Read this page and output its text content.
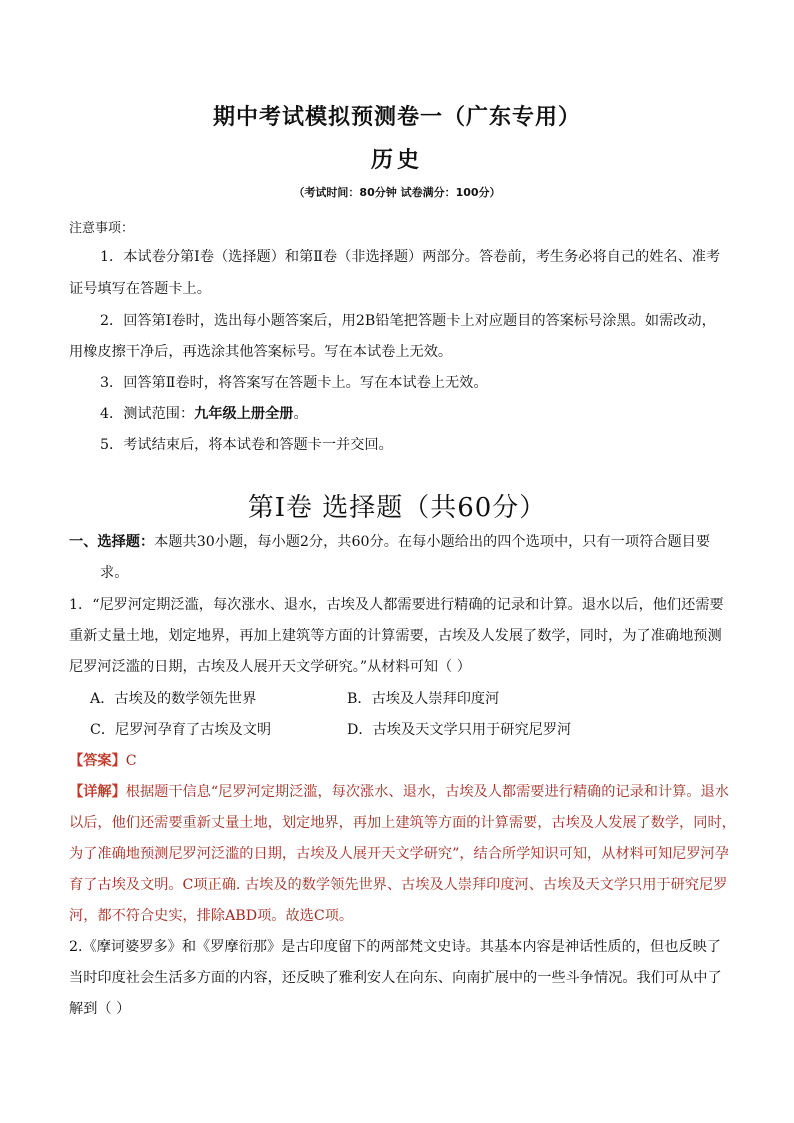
期中考试模拟预测卷一（广东专用）
历史
（考试时间：80分钟 试卷满分：100分）
注意事项：
1．本试卷分第Ⅰ卷（选择题）和第Ⅱ卷（非选择题）两部分。答卷前，考生务必将自己的姓名、准考
证号填写在答题卡上。
2．回答第Ⅰ卷时，选出每小题答案后，用2B铅笔把答题卡上对应题目的答案标号涂黑。如需改动，
用橡皮擦干净后，再选涂其他答案标号。写在本试卷上无效。
3．回答第Ⅱ卷时，将答案写在答题卡上。写在本试卷上无效。
4．测试范围：九年级上册全册。
5．考试结束后，将本试卷和答题卡一并交回。
第Ⅰ卷 选择题（共60分）
一、选择题：本题共30小题，每小题2分，共60分。在每小题给出的四个选项中，只有一项符合题目要
求。
1．“尼罗河定期泛滥，每次涨水、退水，古埃及人都需要进行精确的记录和计算。退水以后，他们还需要
重新丈量土地，划定地界，再加上建筑等方面的计算需要，古埃及人发展了数学，同时，为了准确地预测
尼罗河泛滥的日期，古埃及人展开天文学研究。”从材料可知（ ）
A．古埃及的数学领先世界	B．古埃及人崇拜印度河
C．尼罗河孕育了古埃及文明	D．古埃及天文学只用于研究尼罗河
【答案】C
【详解】根据题干信息“尼罗河定期泛滥，每次涨水、退水，古埃及人都需要进行精确的记录和计算。退水
以后，他们还需要重新丈量土地，划定地界，再加上建筑等方面的计算需要，古埃及人发展了数学，同时，
为了准确地预测尼罗河泛滥的日期，古埃及人展开天文学研究”，结合所学知识可知，从材料可知尼罗河孕
育了古埃及文明。C项正确. 古埃及的数学领先世界、古埃及人崇拜印度河、古埃及天文学只用于研究尼罗
河，都不符合史实，排除ABD项。故选C项。
2.《摩诃婆罗多》和《罗摩衍那》是古印度留下的两部梵文史诗。其基本内容是神话性质的，但也反映了
当时印度社会生活多方面的内容，还反映了雅利安人在向东、向南扩展中的一些斗争情况。我们可从中了
解到（ ）
